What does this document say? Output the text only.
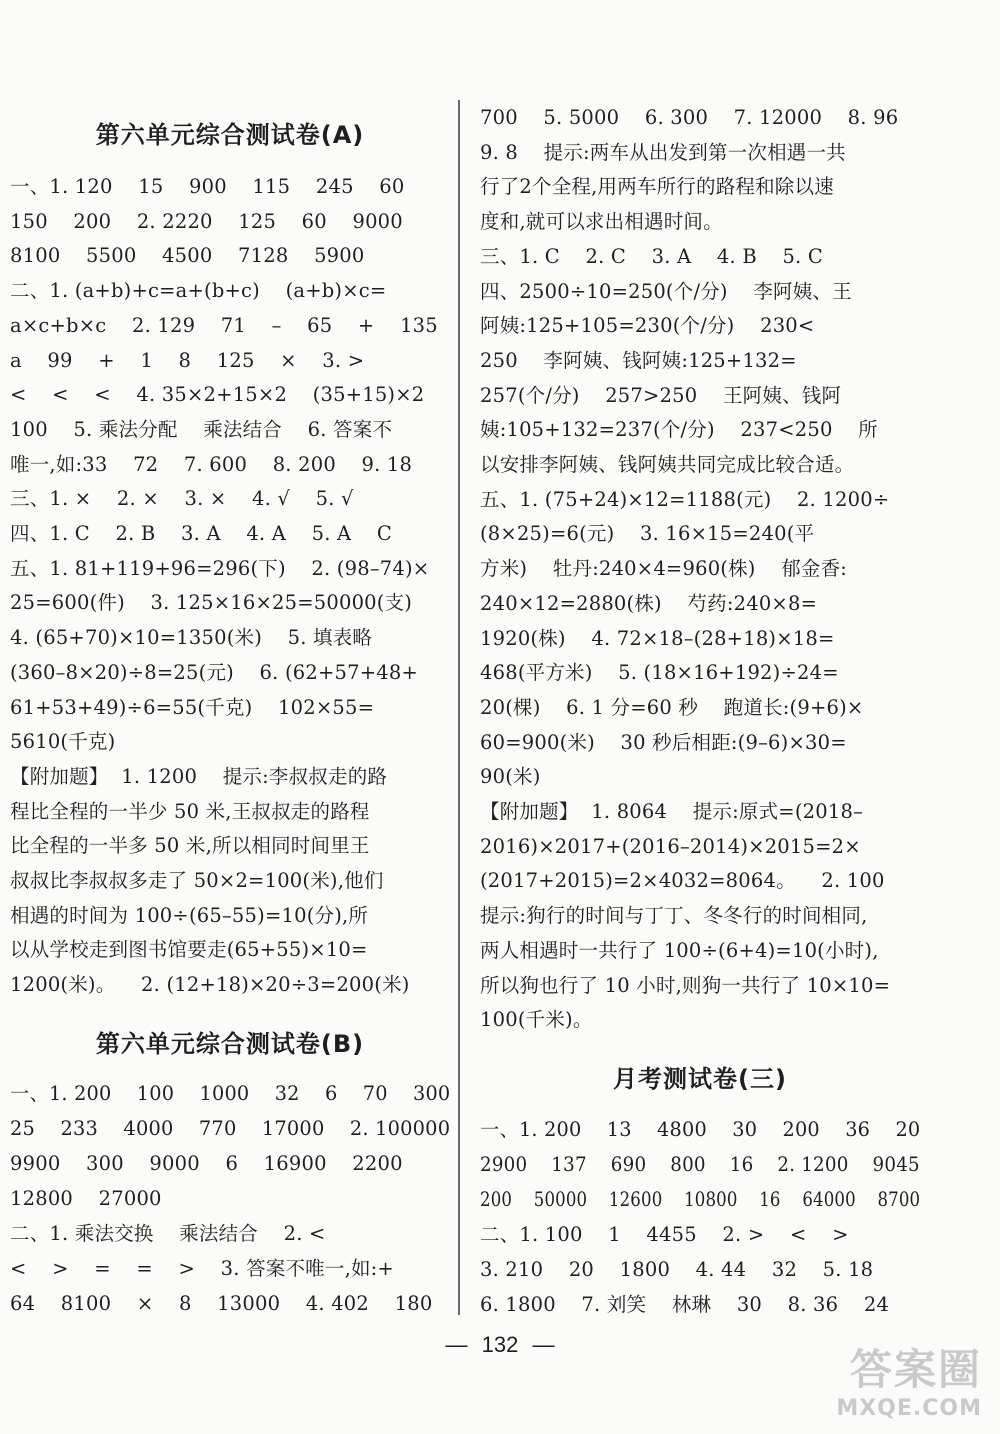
第六单元综合测试卷(A)
一、1. 120    15    900    115    245    60
150    200    2. 2220    125    60    9000
8100    5500    4500    7128    5900
二、1. (a+b)+c=a+(b+c)    (a+b)×c=
a×c+b×c    2. 129    71    –    65    +    135
a    99    +    1    8    125    ×    3. >
<    <    <    4. 35×2+15×2    (35+15)×2
100    5. 乘法分配    乘法结合    6. 答案不
唯一,如:33    72    7. 600    8. 200    9. 18
三、1. ×    2. ×    3. ×    4. √    5. √
四、1. C    2. B    3. A    4. A    5. A    C
五、1. 81+119+96=296(下)    2. (98–74)×
25=600(件)    3. 125×16×25=50000(支)
4. (65+70)×10=1350(米)    5. 填表略
(360–8×20)÷8=25(元)    6. (62+57+48+
61+53+49)÷6=55(千克)    102×55=
5610(千克)
【附加题】  1. 1200    提示:李叔叔走的路
程比全程的一半少 50 米,王叔叔走的路程
比全程的一半多 50 米,所以相同时间里王
叔叔比李叔叔多走了 50×2=100(米),他们
相遇的时间为 100÷(65–55)=10(分),所
以从学校走到图书馆要走(65+55)×10=
1200(米)。    2. (12+18)×20÷3=200(米)
第六单元综合测试卷(B)
一、1. 200    100    1000    32    6    70    300
25    233    4000    770    17000    2. 100000
9900    300    9000    6    16900    2200
12800    27000
二、1. 乘法交换    乘法结合    2. <
<    >    =    =    >    3. 答案不唯一,如:+
64    8100    ×    8    13000    4. 402    180
700    5. 5000    6. 300    7. 12000    8. 96
9. 8    提示:两车从出发到第一次相遇一共
行了2个全程,用两车所行的路程和除以速
度和,就可以求出相遇时间。
三、1. C    2. C    3. A    4. B    5. C
四、2500÷10=250(个/分)    李阿姨、王
阿姨:125+105=230(个/分)    230<
250    李阿姨、钱阿姨:125+132=
257(个/分)    257>250    王阿姨、钱阿
姨:105+132=237(个/分)    237<250    所
以安排李阿姨、钱阿姨共同完成比较合适。
五、1. (75+24)×12=1188(元)    2. 1200÷
(8×25)=6(元)    3. 16×15=240(平
方米)    牡丹:240×4=960(株)    郁金香:
240×12=2880(株)    芍药:240×8=
1920(株)    4. 72×18–(28+18)×18=
468(平方米)    5. (18×16+192)÷24=
20(棵)    6. 1 分=60 秒    跑道长:(9+6)×
60=900(米)    30 秒后相距:(9–6)×30=
90(米)
【附加题】  1. 8064    提示:原式=(2018–
2016)×2017+(2016–2014)×2015=2×
(2017+2015)=2×4032=8064。    2. 100
提示:狗行的时间与丁丁、冬冬行的时间相同,
两人相遇时一共行了 100÷(6+4)=10(小时),
所以狗也行了 10 小时,则狗一共行了 10×10=
100(千米)。
月考测试卷(三)
一、1. 200    13    4800    30    200    36    20
2900    137    690    800    16    2. 1200    9045
200    50000    12600    10800    16    64000    8700
二、1. 100    1    4455    2. >    <    >
3. 210    20    1800    4. 44    32    5. 18
6. 1800    7. 刘笑    林琳    30    8. 36    24
— 132 —
答案圈
MXQE.COM
